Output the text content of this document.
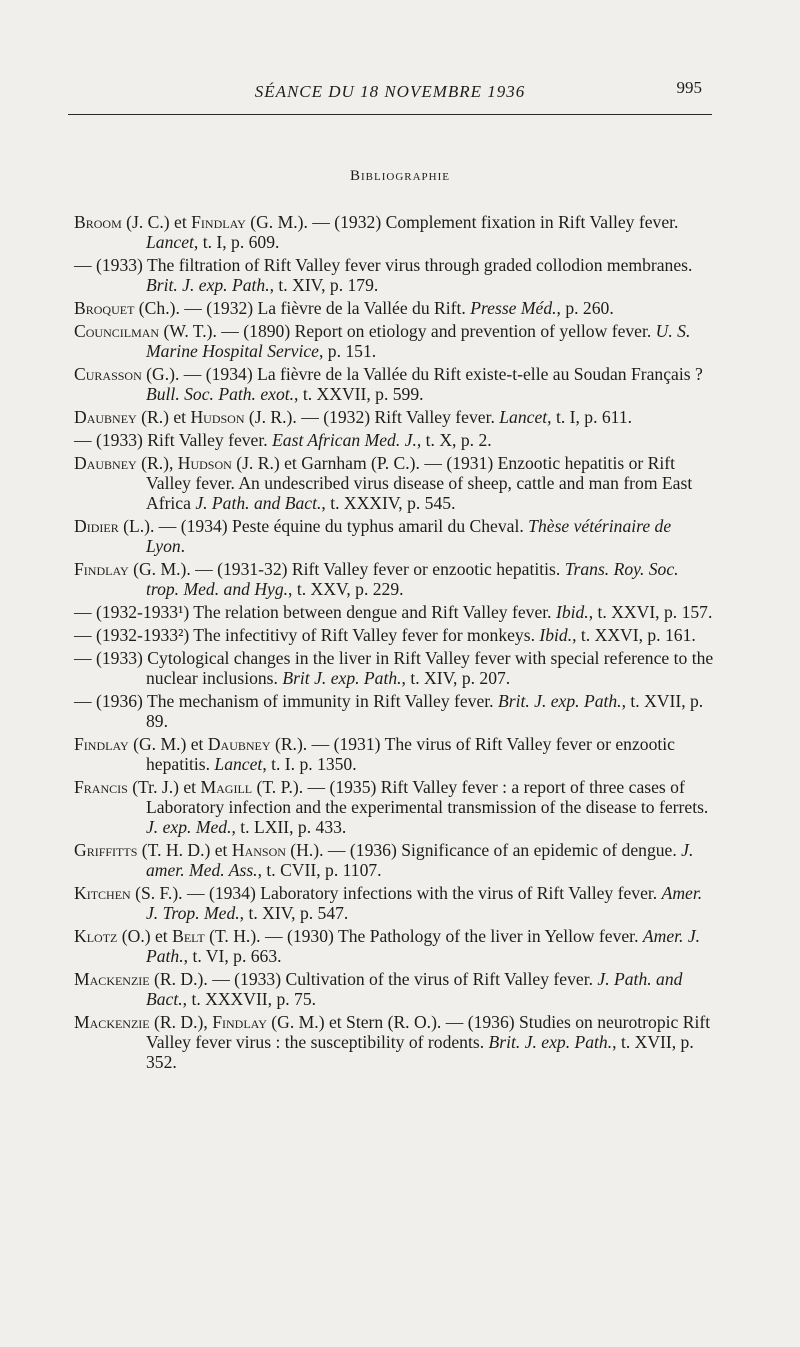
SÉANCE DU 18 NOVEMBRE 1936	995
Bibliographie
Broom (J. C.) et Findlay (G. M.). — (1932) Complement fixation in Rift Valley fever. Lancet, t. I, p. 609.
— (1933) The filtration of Rift Valley fever virus through graded collodion membranes. Brit. J. exp. Path., t. XIV, p. 179.
Broquet (Ch.). — (1932) La fièvre de la Vallée du Rift. Presse Méd., p. 260.
Councilman (W. T.). — (1890) Report on etiology and prevention of yellow fever. U. S. Marine Hospital Service, p. 151.
Curasson (G.). — (1934) La fièvre de la Vallée du Rift existe-t-elle au Soudan Français ? Bull. Soc. Path. exot., t. XXVII, p. 599.
Daubney (R.) et Hudson (J. R.). — (1932) Rift Valley fever. Lancet, t. I, p. 611.
— (1933) Rift Valley fever. East African Med. J., t. X, p. 2.
Daubney (R.), Hudson (J. R.) et Garnham (P. C.). — (1931) Enzootic hepatitis or Rift Valley fever. An undescribed virus disease of sheep, cattle and man from East Africa J. Path. and Bact., t. XXXIV, p. 545.
Didier (L.). — (1934) Peste équine du typhus amaril du Cheval. Thèse vétérinaire de Lyon.
Findlay (G. M.). — (1931-32) Rift Valley fever or enzootic hepatitis. Trans. Roy. Soc. trop. Med. and Hyg., t. XXV, p. 229.
— (1932-1933¹) The relation between dengue and Rift Valley fever. Ibid., t. XXVI, p. 157.
— (1932-1933²) The infectitivy of Rift Valley fever for monkeys. Ibid., t. XXVI, p. 161.
— (1933) Cytological changes in the liver in Rift Valley fever with special reference to the nuclear inclusions. Brit J. exp. Path., t. XIV, p. 207.
— (1936) The mechanism of immunity in Rift Valley fever. Brit. J. exp. Path., t. XVII, p. 89.
Findlay (G. M.) et Daubney (R.). — (1931) The virus of Rift Valley fever or enzootic hepatitis. Lancet, t. I. p. 1350.
Francis (Tr. J.) et Magill (T. P.). — (1935) Rift Valley fever : a report of three cases of Laboratory infection and the experimental transmission of the disease to ferrets. J. exp. Med., t. LXII, p. 433.
Griffitts (T. H. D.) et Hanson (H.). — (1936) Significance of an epidemic of dengue. J. amer. Med. Ass., t. CVII, p. 1107.
Kitchen (S. F.). — (1934) Laboratory infections with the virus of Rift Valley fever. Amer. J. Trop. Med., t. XIV, p. 547.
Klotz (O.) et Belt (T. H.). — (1930) The Pathology of the liver in Yellow fever. Amer. J. Path., t. VI, p. 663.
Mackenzie (R. D.). — (1933) Cultivation of the virus of Rift Valley fever. J. Path. and Bact., t. XXXVII, p. 75.
Mackenzie (R. D.), Findlay (G. M.) et Stern (R. O.). — (1936) Studies on neurotropic Rift Valley fever virus : the susceptibility of rodents. Brit. J. exp. Path., t. XVII, p. 352.
